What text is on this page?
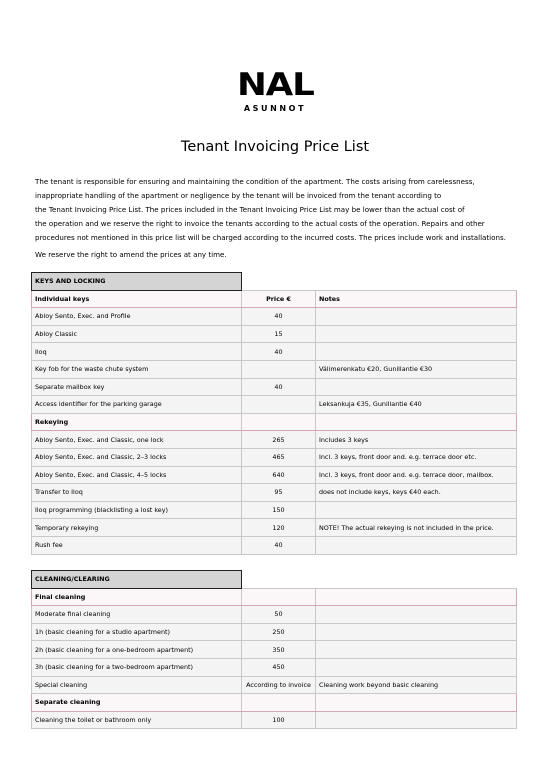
NAL
ASUNNOT
Tenant Invoicing Price List

The tenant is responsible for ensuring and maintaining the condition of the apartment. The costs arising from carelessness,

inappropriate handling of the apartment or negligence by the tenant will be invoiced from the tenant according to

the Tenant Invoicing Price List. The prices included in the Tenant Invoicing Price List may be lower than the actual cost of

the operation and we reserve the right to invoice the tenants according to the actual costs of the operation. Repairs and other

procedures not mentioned in this price list will be charged according to the incurred costs. The prices include work and installations.

We reserve the right to amend the prices at any time.

KEYS AND LOCKING		
Individual keys	Price €	Notes
Abloy Sento, Exec. and Profile	40	
Abloy Classic	15	
Iloq	40	
Key fob for the waste chute system		Välimerenkatu €20, Gunillantie €30
Separate mailbox key	40	
Access identifier for the parking garage		Leksankuja €35, Gunillantie €40
Rekeying		
Abloy Sento, Exec. and Classic, one lock	265	Includes 3 keys
Abloy Sento, Exec. and Classic, 2–3 locks	465	Incl. 3 keys, front door and. e.g. terrace door etc.
Abloy Sento, Exec. and Classic, 4–5 locks	640	Incl. 3 keys, front door and. e.g. terrace door, mailbox.
Transfer to Iloq	95	does not include keys, keys €40 each.
Iloq programming (blacklisting a lost key)	150	
Temporary rekeying	120	NOTE! The actual rekeying is not included in the price.
Rush fee	40	
CLEANING/CLEARING		
Final cleaning		
Moderate final cleaning	50	
1h (basic cleaning for a studio apartment)	250	
2h (basic cleaning for a one-bedroom apartment)	350	
3h (basic cleaning for a two-bedroom apartment)	450	
Special cleaning	According to invoice	Cleaning work beyond basic cleaning
Separate cleaning		
Cleaning the toilet or bathroom only	100	
